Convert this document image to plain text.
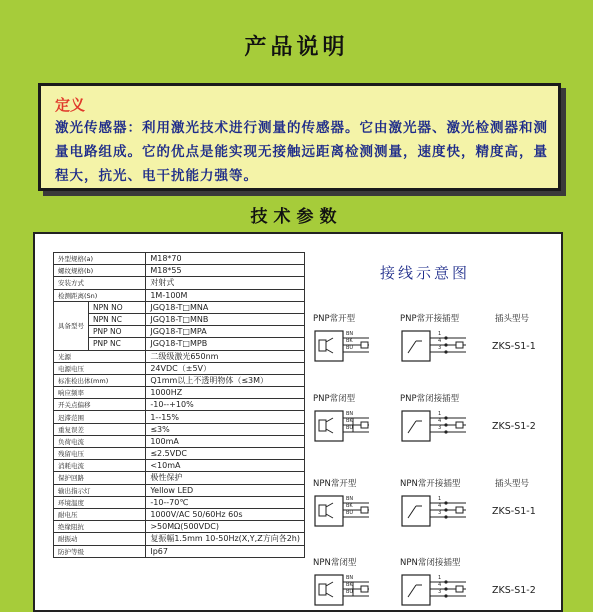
产品说明
定义
激光传感器：利用激光技术进行测量的传感器。它由激光器、激光检测器和测量电路组成。它的优点是能实现无接触远距离检测测量，速度快，精度高，量程大，抗光、电干扰能力强等。
技术参数
外型规格(a)		M18*70
螺纹规格(b)		M18*55
安装方式		对射式
检测距离(Sn)		1M-100M
具备型号	NPN NO	JGQ18-T□MNA
	NPN NC	JGQ18-T□MNB
	PNP NO	JGQ18-T□MPA
	PNP NC	JGQ18-T□MPB
光源		二级级激光650nm
电源电压		24VDC（±5V）
标准检出体(mm)		Q1mm以上不透明物体（≤3M）
响应频率		1000HZ
开关点偏移		-10--+10%
迟滞范围		1--15%
重复误差		≤3%
负荷电流		100mA
残留电压		≤2.5VDC
消耗电流		<10mA
保护回路		极性保护
输出指示灯		Yellow LED
环境温度		-10--70℃
耐电压		1000V/AC 50/60Hz 60s
绝缘阻抗		>50MΩ(500VDC)
耐振动		复振幅1.5mm 10-50Hz(X,Y,Z方向各2h)
防护等级		Ip67
接线示意图
PNP常开型	PNP常开接插型	插头型号
BN
BK
BU
1
4
3	ZKS-S1-1
PNP常闭型	PNP常闭接插型
BN
BK
BU
1
4
3	ZKS-S1-2
NPN常开型	NPN常开接插型	插头型号
BN
BK
BU
1
4
3	ZKS-S1-1
NPN常闭型	NPN常闭接插型
BN
BK
BU
1
4
3	ZKS-S1-2
